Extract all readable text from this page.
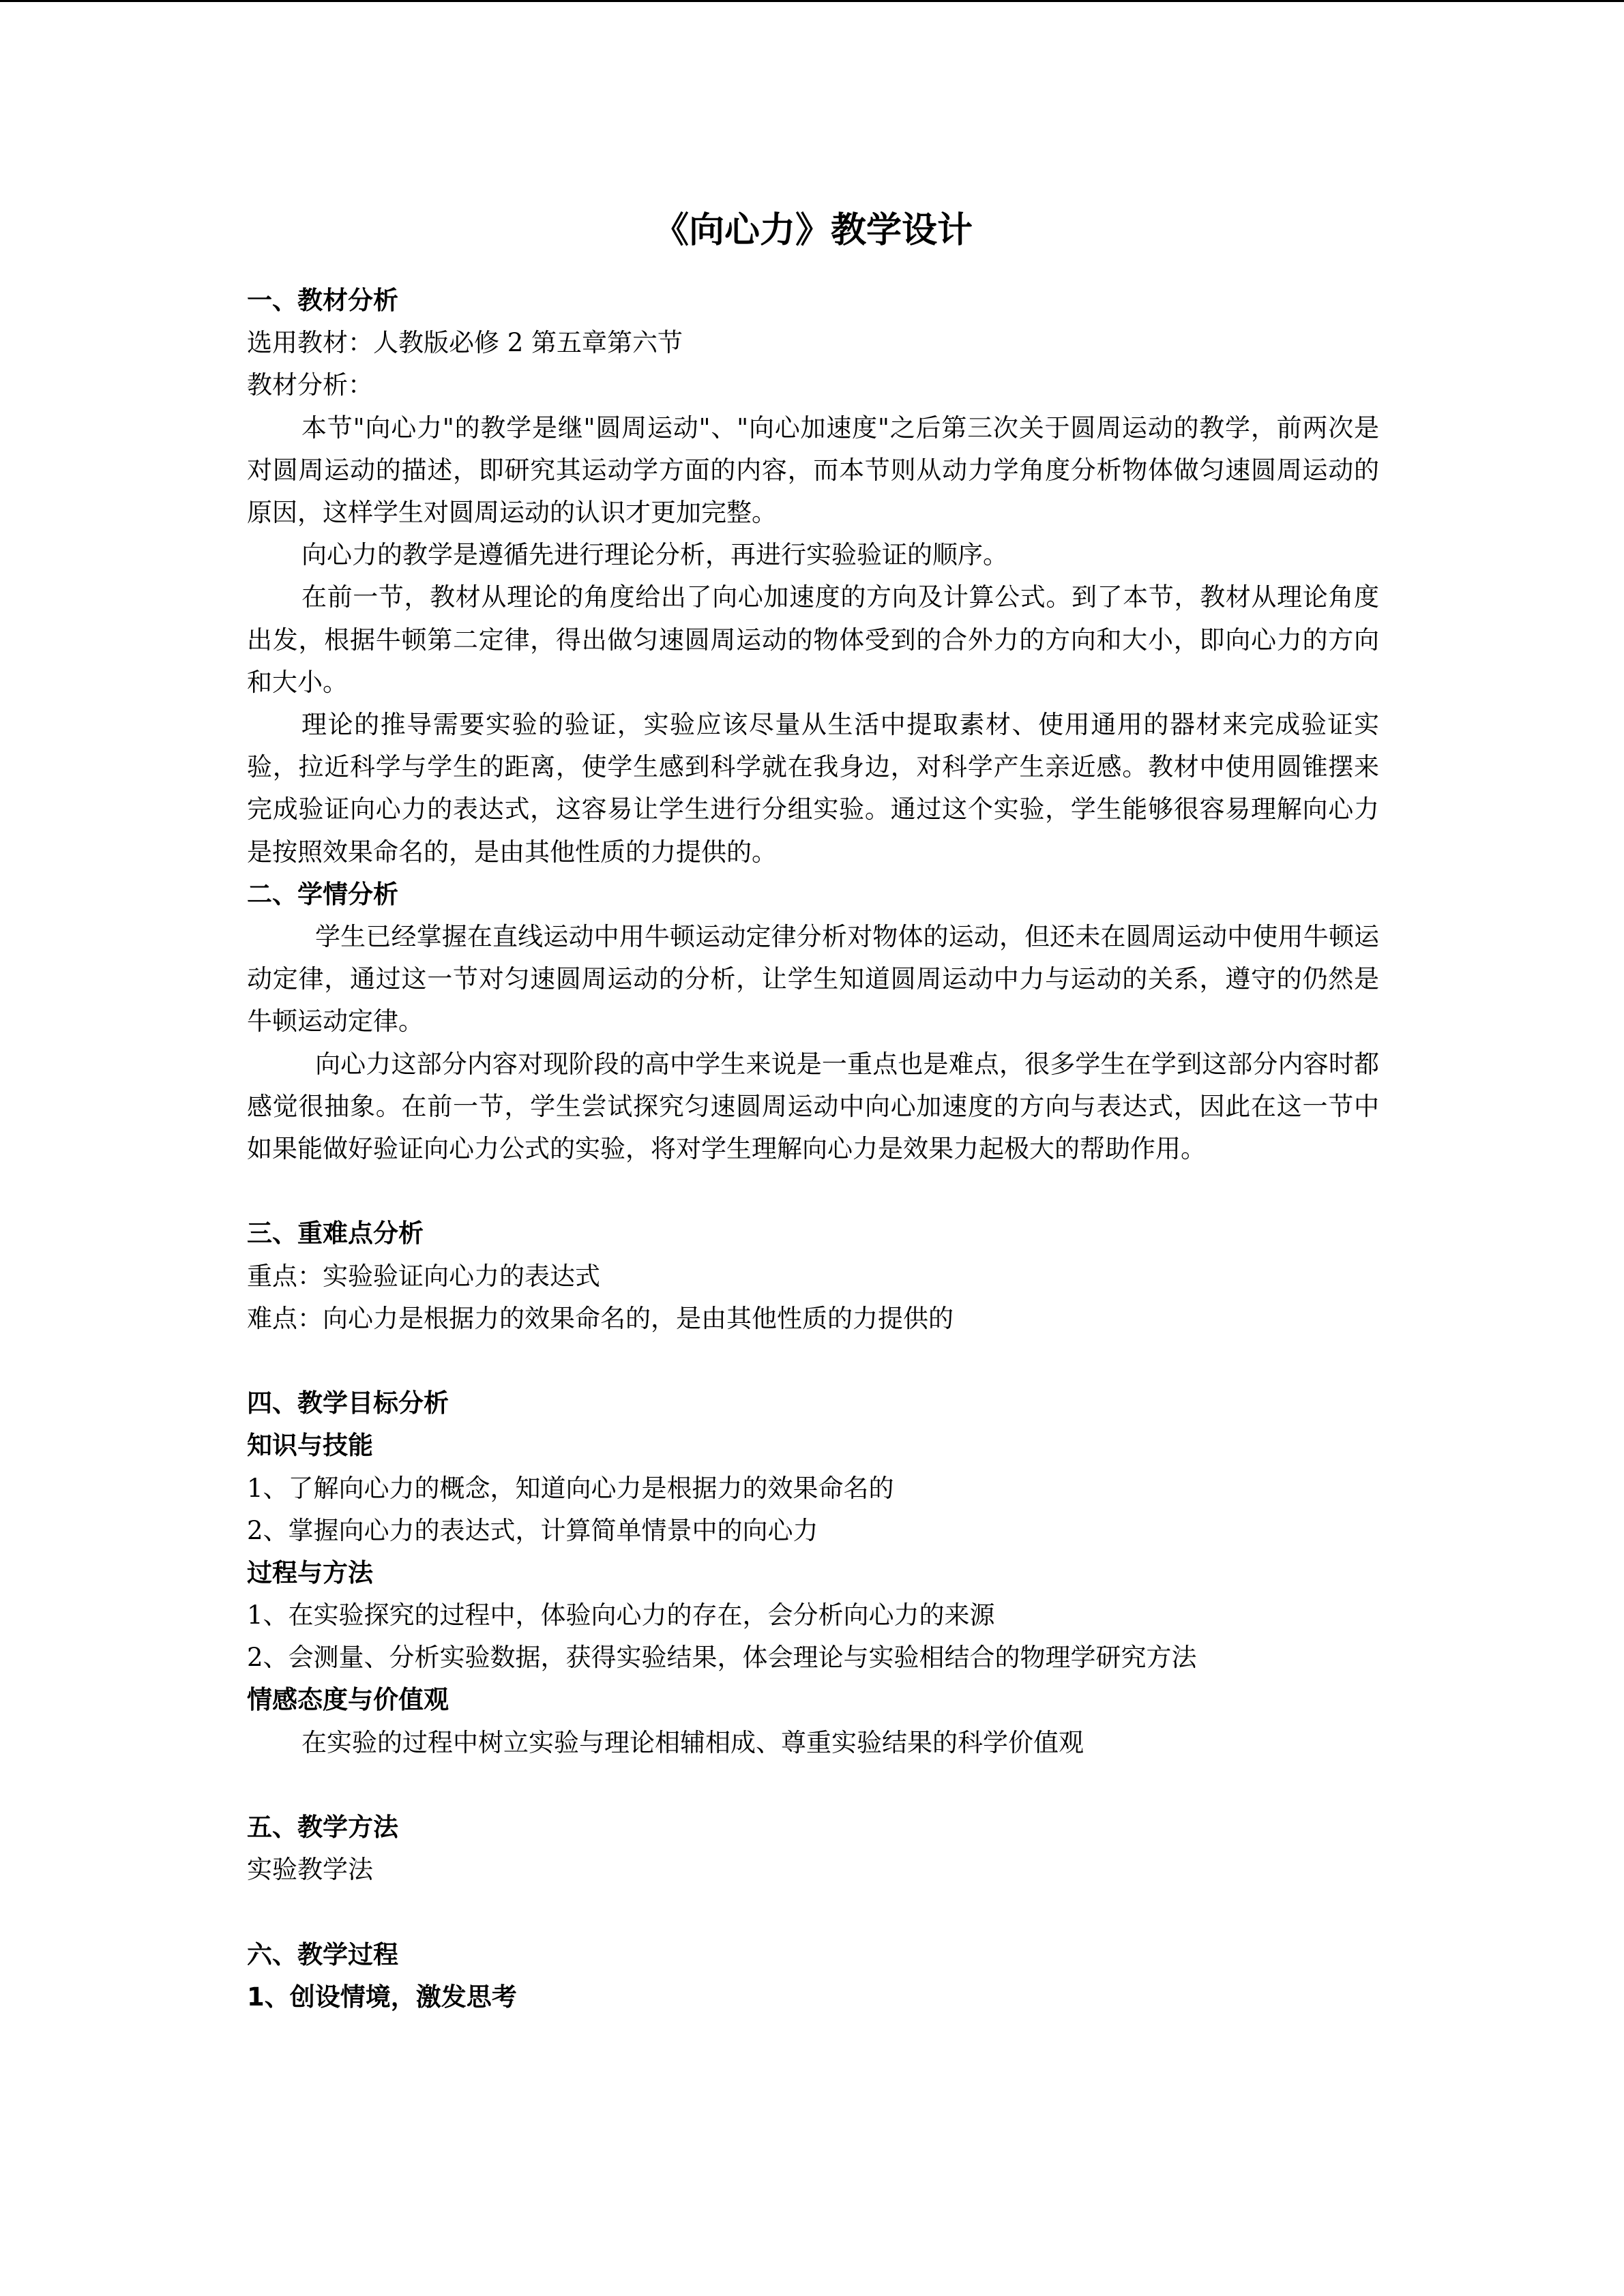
《向心力》教学设计
一、教材分析
选用教材：人教版必修 2 第五章第六节
教材分析：

本节"向心力"的教学是继"圆周运动"、"向心加速度"之后第三次关于圆周运动的教学，前两次是对圆周运动的描述，即研究其运动学方面的内容，而本节则从动力学角度分析物体做匀速圆周运动的原因，这样学生对圆周运动的认识才更加完整。

向心力的教学是遵循先进行理论分析，再进行实验验证的顺序。

在前一节，教材从理论的角度给出了向心加速度的方向及计算公式。到了本节，教材从理论角度出发，根据牛顿第二定律，得出做匀速圆周运动的物体受到的合外力的方向和大小，即向心力的方向和大小。

理论的推导需要实验的验证，实验应该尽量从生活中提取素材、使用通用的器材来完成验证实验，拉近科学与学生的距离，使学生感到科学就在我身边，对科学产生亲近感。教材中使用圆锥摆来完成验证向心力的表达式，这容易让学生进行分组实验。通过这个实验，学生能够很容易理解向心力是按照效果命名的，是由其他性质的力提供的。

二、学情分析

学生已经掌握在直线运动中用牛顿运动定律分析对物体的运动，但还未在圆周运动中使用牛顿运动定律，通过这一节对匀速圆周运动的分析，让学生知道圆周运动中力与运动的关系，遵守的仍然是牛顿运动定律。

向心力这部分内容对现阶段的高中学生来说是一重点也是难点，很多学生在学到这部分内容时都感觉很抽象。在前一节，学生尝试探究匀速圆周运动中向心加速度的方向与表达式，因此在这一节中如果能做好验证向心力公式的实验，将对学生理解向心力是效果力起极大的帮助作用。

三、重难点分析
重点：实验验证向心力的表达式
难点：向心力是根据力的效果命名的，是由其他性质的力提供的
四、教学目标分析
知识与技能
1、了解向心力的概念，知道向心力是根据力的效果命名的
2、掌握向心力的表达式，计算简单情景中的向心力
过程与方法
1、在实验探究的过程中，体验向心力的存在，会分析向心力的来源
2、会测量、分析实验数据，获得实验结果，体会理论与实验相结合的物理学研究方法
情感态度与价值观
在实验的过程中树立实验与理论相辅相成、尊重实验结果的科学价值观
五、教学方法
实验教学法
六、教学过程
1、创设情境，激发思考
